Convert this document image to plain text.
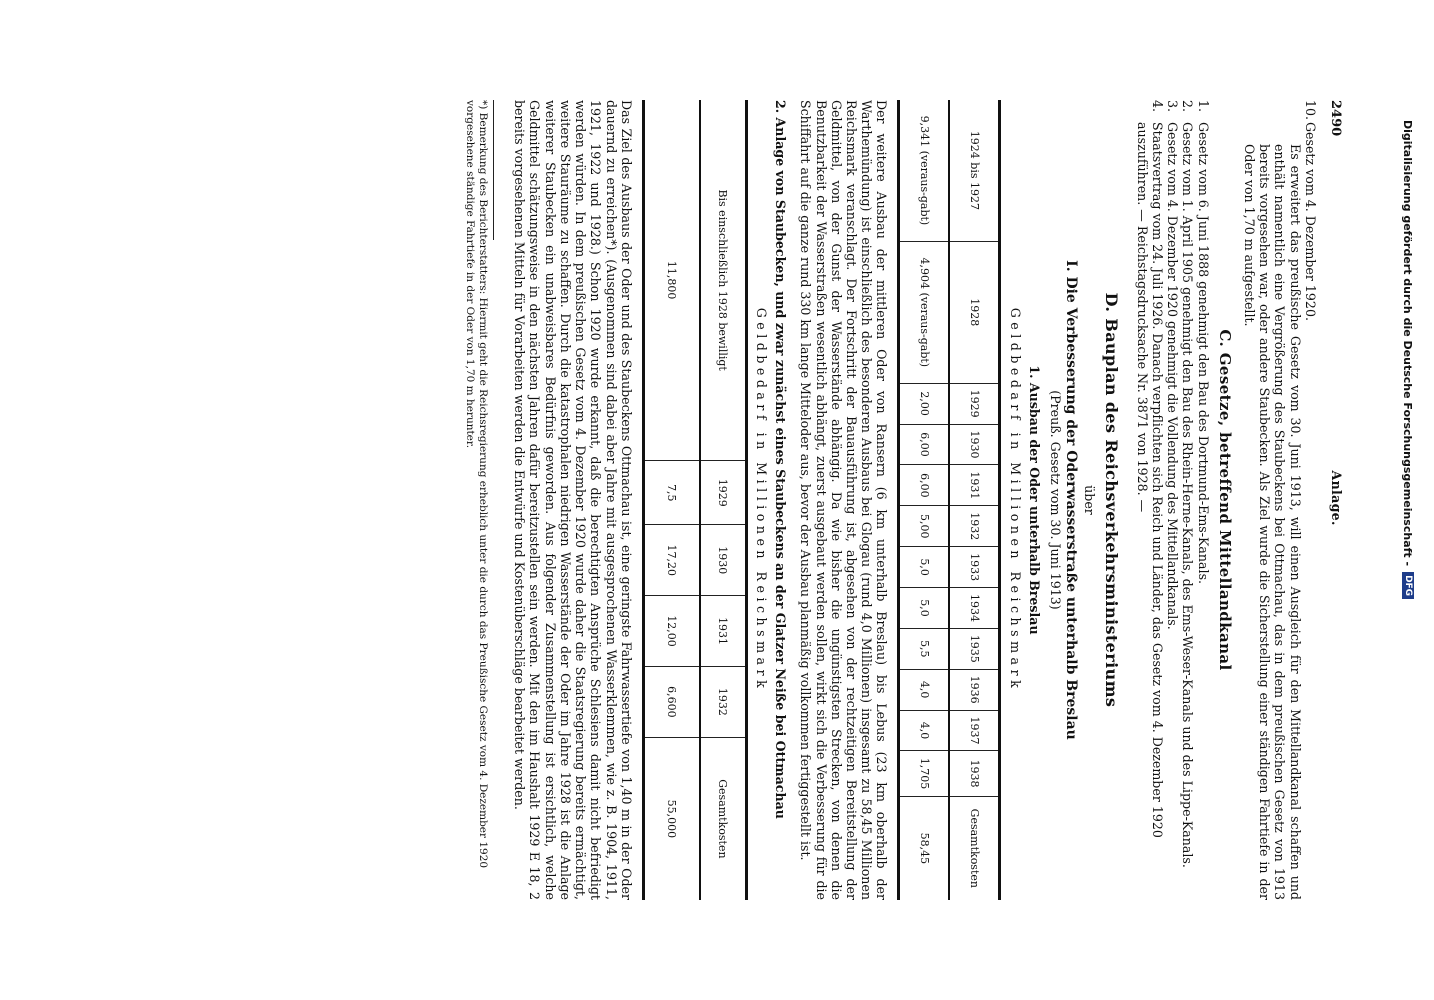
2490
Anlage.
10.

Gesetz vom 4. Dezember 1920.

Es erweitert das preußische Gesetz vom 30. Juni 1913, will einen Ausgleich für den Mittellandkanal schaffen und enthält namentlich eine Vergrößerung des Staubeckens bei Ottmachau, das in dem preußischen Gesetz von 1913 bereits vorgesehen war, oder andere Staubecken. Als Ziel wurde die Sicherstellung einer ständigen Fahrtiefe in der Oder von 1,70 m aufgestellt.

C. Gesetze, betreffend Mittellandkanal
1.

Gesetz vom 6. Juni 1888 genehmigt den Bau des Dortmund-Ems-Kanals.

2.

Gesetz vom 1. April 1905 genehmigt den Bau des Rhein-Herne-Kanals, des Ems-Weser-Kanals und des Lippe-Kanals.

3.

Gesetz vom 4. Dezember 1920 genehmigt die Vollendung des Mittellandkanals.

4.

Staatsvertrag vom 24. Juli 1926. Danach verpflichten sich Reich und Länder, das Gesetz vom 4. Dezember 1920 auszuführen. — Reichstagsdrucksache Nr. 3871 von 1928. —

D. Bauplan des Reichsverkehrsministeriums
über
I. Die Verbesserung der Oderwasserstraße unterhalb Breslau
(Preuß. Gesetz vom 30. Juni 1913)
1. Ausbau der Oder unterhalb Breslau
Geldbedarf in Millionen Reichsmark
1924 bis 1927	1928	1929	1930	1931	1932	1933	1934	1935	1936	1937	1938	Gesamtkosten
9,341 (veraus-gabt)	4,904 (veraus-gabt)	2,00	6,00	6,00	5,00	5,0	5,0	5,5	4,0	4,0	1,705	58,45

Der weitere Ausbau der mittleren Oder von Ransern (6 km unterhalb Breslau) bis Lebus (23 km oberhalb der Warthemündung) ist einschließlich des besonderen Ausbaus bei Glogau (rund 4,0 Millionen) insgesamt zu 58,45 Millionen Reichsmark veranschlagt. Der Fortschritt der Bauausführung ist, abgesehen von der rechtzeitigen Bereitstellung der Geldmittel, von der Gunst der Wasserstände abhängig. Da wie bisher die ungünstigsten Strecken, von denen die Benutzbarkeit der Wasserstraßen wesentlich abhängt, zuerst ausgebaut werden sollen, wirkt sich die Verbesserung für die Schiffahrt auf die ganze rund 330 km lange Mitteloder aus, bevor der Ausbau planmäßig vollkommen fertiggestellt ist.

2. Anlage von Staubecken, und zwar zunächst eines Staubeckens an der Glatzer Neiße bei Ottmachau
Geldbedarf in Millionen Reichsmark
Bis einschließlich 1928 bewilligt	1929	1930	1931	1932	Gesamtkosten
11,800	7,5	17,20	12,00	6,600	55,000

Das Ziel des Ausbaus der Oder und des Staubeckens Ottmachau ist, eine geringste Fahrwassertiefe von 1,40 m in der Oder dauernd zu erreichen*). (Ausgenommen sind dabei aber Jahre mit ausgesprochenen Wasserklemmen, wie z. B. 1904, 1911, 1921, 1922 und 1928.) Schon 1920 wurde erkannt, daß die berechtigten Ansprüche Schlesiens damit nicht befriedigt werden würden. In dem preußischen Gesetz vom 4. Dezember 1920 wurde daher die Staatsregierung bereits ermächtigt, weitere Stauräume zu schaffen. Durch die katastrophalen niedrigen Wasserstände der Oder im Jahre 1928 ist die Anlage weiterer Staubecken ein unabweisbares Bedürfnis geworden. Aus folgender Zusammenstellung ist ersichtlich, welche Geldmittel schätzungsweise in den nächsten Jahren dafür bereitzustellen sein werden. Mit den im Haushalt 1929 E 18, 2 bereits vorgesehenen Mitteln für Vorarbeiten werden die Entwürfe und Kostenüberschläge bearbeitet werden.

*) Bemerkung des Berichterstatters: Hiermit geht die Reichsregierung erheblich unter die durch das Preußische Gesetz vom 4. Dezember 1920 vorgesehene ständige Fahrtiefe in der Oder von 1,70 m herunter.	Digitalisierung gefördert durch die Deutsche Forschungsgemeinschaft -
DFG
